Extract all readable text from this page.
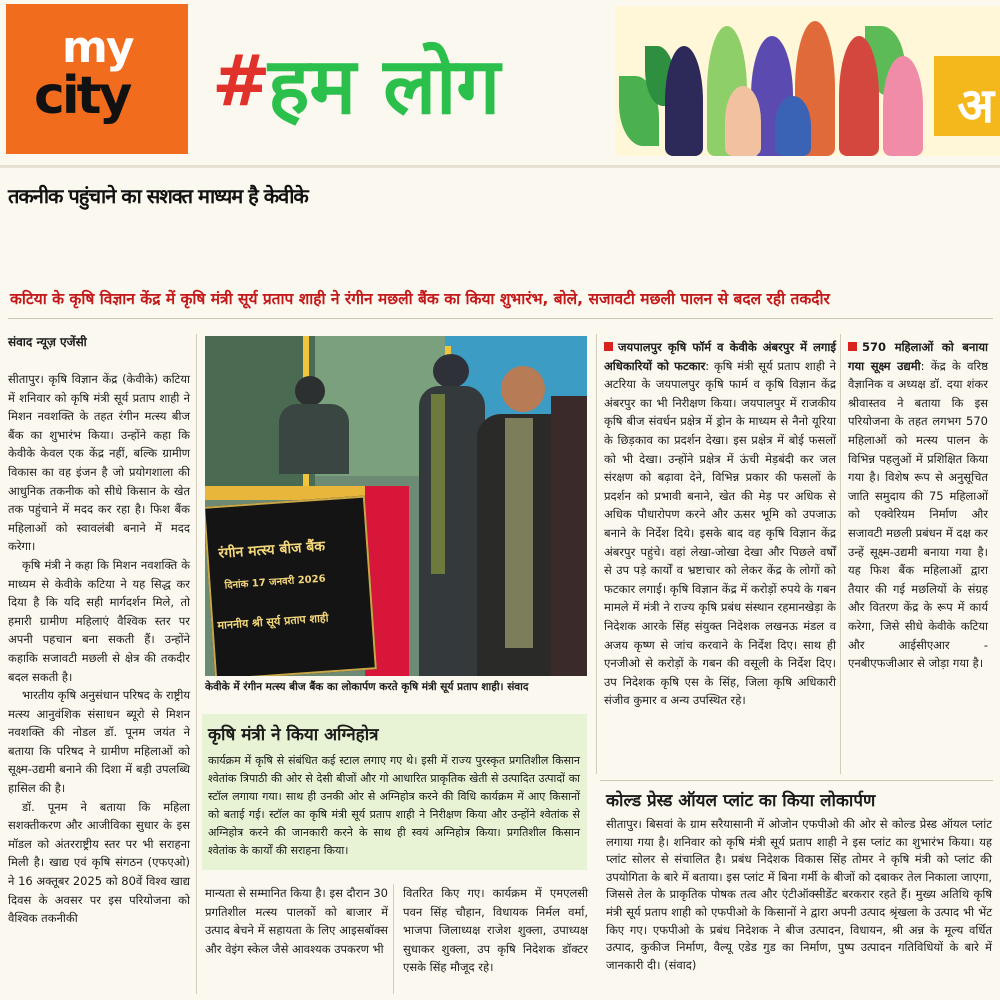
my
city #
हम लोग	अ
तकनीक पहुंचाने का सशक्त माध्यम है केवीके
कटिया के कृषि विज्ञान केंद्र में कृषि मंत्री सूर्य प्रताप शाही ने रंगीन मछली बैंक का किया शुभारंभ, बोले, सजावटी मछली पालन से बदल रही तकदीर
संवाद न्यूज़ एजेंसी

सीतापुर। कृषि विज्ञान केंद्र (केवीके) कटिया में शनिवार को कृषि मंत्री सूर्य प्रताप शाही ने मिशन नवशक्ति के तहत रंगीन मत्स्य बीज बैंक का शुभारंभ किया। उन्होंने कहा कि केवीके केवल एक केंद्र नहीं, बल्कि ग्रामीण विकास का वह इंजन है जो प्रयोगशाला की आधुनिक तकनीक को सीधे किसान के खेत तक पहुंचाने में मदद कर रहा है। फिश बैंक महिलाओं को स्वावलंबी बनाने में मदद करेगा।

कृषि मंत्री ने कहा कि मिशन नवशक्ति के माध्यम से केवीके कटिया ने यह सिद्ध कर दिया है कि यदि सही मार्गदर्शन मिले, तो हमारी ग्रामीण महिलाएं वैश्विक स्तर पर अपनी पहचान बना सकती हैं। उन्होंने कहाकि सजावटी मछली से क्षेत्र की तकदीर बदल सकती है।

भारतीय कृषि अनुसंधान परिषद के राष्ट्रीय मत्स्य आनुवंशिक संसाधन ब्यूरो से मिशन नवशक्ति की नोडल डॉ. पूनम जयंत ने बताया कि परिषद ने ग्रामीण महिलाओं को सूक्ष्म-उद्यमी बनाने की दिशा में बड़ी उपलब्धि हासिल की है।

डॉ. पूनम ने बताया कि महिला सशक्तीकरण और आजीविका सुधार के इस मॉडल को अंतरराष्ट्रीय स्तर पर भी सराहना मिली है। खाद्य एवं कृषि संगठन (एफएओ) ने 16 अक्तूबर 2025 को 80वें विश्व खाद्य दिवस के अवसर पर इस परियोजना को वैश्विक तकनीकी

रंगीन मत्स्य बीज बैंक
दिनांक 17 जनवरी 2026
माननीय श्री सूर्य प्रताप शाही
केवीके में रंगीन मत्स्य बीज बैंक का लोकार्पण करते कृषि मंत्री सूर्य प्रताप शाही। संवाद
कृषि मंत्री ने किया अग्निहोत्र
कार्यक्रम में कृषि से संबंधित कई स्टाल लगाए गए थे। इसी में राज्य पुरस्कृत प्रगतिशील किसान श्वेतांक त्रिपाठी की ओर से देसी बीजों और गो आधारित प्राकृतिक खेती से उत्पादित उत्पादों का स्टॉल लगाया गया। साथ ही उनकी ओर से अग्निहोत्र करने की विधि कार्यक्रम में आए किसानों को बताई गई। स्टॉल का कृषि मंत्री सूर्य प्रताप शाही ने निरीक्षण किया और उन्होंने श्वेतांक से अग्निहोत्र करने की जानकारी करने के साथ ही स्वयं अग्निहोत्र किया। प्रगतिशील किसान श्वेतांक के कार्यों की सराहना किया।
मान्यता से सम्मानित किया है। इस दौरान 30 प्रगतिशील मत्स्य पालकों को बाजार में उत्पाद बेचने में सहायता के लिए आइसबॉक्स और वेइंग स्केल जैसे आवश्यक उपकरण भी
वितरित किए गए। कार्यक्रम में एमएलसी पवन सिंह चौहान, विधायक निर्मल वर्मा, भाजपा जिलाध्यक्ष राजेश शुक्ला, उपाध्यक्ष सुधाकर शुक्ला, उप कृषि निदेशक डॉक्टर एसके सिंह मौजूद रहे।
जयपालपुर कृषि फॉर्म व केवीके अंबरपुर में लगाई अधिकारियों को फटकार: कृषि मंत्री सूर्य प्रताप शाही ने अटरिया के जयपालपुर कृषि फार्म व कृषि विज्ञान केंद्र अंबरपुर का भी निरीक्षण किया। जयपालपुर में राजकीय कृषि बीज संवर्धन प्रक्षेत्र में ड्रोन के माध्यम से नैनो यूरिया के छिड़काव का प्रदर्शन देखा। इस प्रक्षेत्र में बोई फसलों को भी देखा। उन्होंने प्रक्षेत्र में ऊंची मेड़बंदी कर जल संरक्षण को बढ़ावा देने, विभिन्न प्रकार की फसलों के प्रदर्शन को प्रभावी बनाने, खेत की मेड़ पर अधिक से अधिक पौधारोपण करने और ऊसर भूमि को उपजाऊ बनाने के निर्देश दिये। इसके बाद वह कृषि विज्ञान केंद्र अंबरपुर पहुंचे। वहां लेखा-जोखा देखा और पिछले वर्षों से उप पड़े कार्यों व भ्रष्टाचार को लेकर केंद्र के लोगों को फटकार लगाई। कृषि विज्ञान केंद्र में करोड़ों रुपये के गबन मामले में मंत्री ने राज्य कृषि प्रबंध संस्थान रहमानखेड़ा के निदेशक आरके सिंह संयुक्त निदेशक लखनऊ मंडल व अजय कृष्ण से जांच करवाने के निर्देश दिए। साथ ही एनजीओ से करोड़ों के गबन की वसूली के निर्देश दिए। उप निदेशक कृषि एस के सिंह, जिला कृषि अधिकारी संजीव कुमार व अन्य उपस्थित रहे।
570 महिलाओं को बनाया गया सूक्ष्म उद्यमी: केंद्र के वरिष्ठ वैज्ञानिक व अध्यक्ष डॉ. दया शंकर श्रीवास्तव ने बताया कि इस परियोजना के तहत लगभग 570 महिलाओं को मत्स्य पालन के विभिन्न पहलुओं में प्रशिक्षित किया गया है। विशेष रूप से अनुसूचित जाति समुदाय की 75 महिलाओं को एक्वेरियम निर्माण और सजावटी मछली प्रबंधन में दक्ष कर उन्हें सूक्ष्म-उद्यमी बनाया गया है। यह फिश बैंक महिलाओं द्वारा तैयार की गई मछलियों के संग्रह और वितरण केंद्र के रूप में कार्य करेगा, जिसे सीधे केवीके कटिया और आईसीएआर - एनबीएफजीआर से जोड़ा गया है।
कोल्ड प्रेस्ड ऑयल प्लांट का किया लोकार्पण
सीतापुर। बिसवां के ग्राम सरैयासानी में ओजोन एफपीओ की ओर से कोल्ड प्रेस्ड ऑयल प्लांट लगाया गया है। शनिवार को कृषि मंत्री सूर्य प्रताप शाही ने इस प्लांट का शुभारंभ किया। यह प्लांट सोलर से संचालित है। प्रबंध निदेशक विकास सिंह तोमर ने कृषि मंत्री को प्लांट की उपयोगिता के बारे में बताया। इस प्लांट में बिना गर्मी के बीजों को दबाकर तेल निकाला जाएगा, जिससे तेल के प्राकृतिक पोषक तत्व और एंटीऑक्सीडेंट बरकरार रहते हैं। मुख्य अतिथि कृषि मंत्री सूर्य प्रताप शाही को एफपीओ के किसानों ने द्वारा अपनी उत्पाद श्रृंखला के उत्पाद भी भेंट किए गए। एफपीओ के प्रबंध निदेशक ने बीज उत्पादन, विधायन, श्री अन्न के मूल्य वर्धित उत्पाद, कुकीज निर्माण, वैल्यू एडेड गुड का निर्माण, पुष्प उत्पादन गतिविधियों के बारे में जानकारी दी। (संवाद)
